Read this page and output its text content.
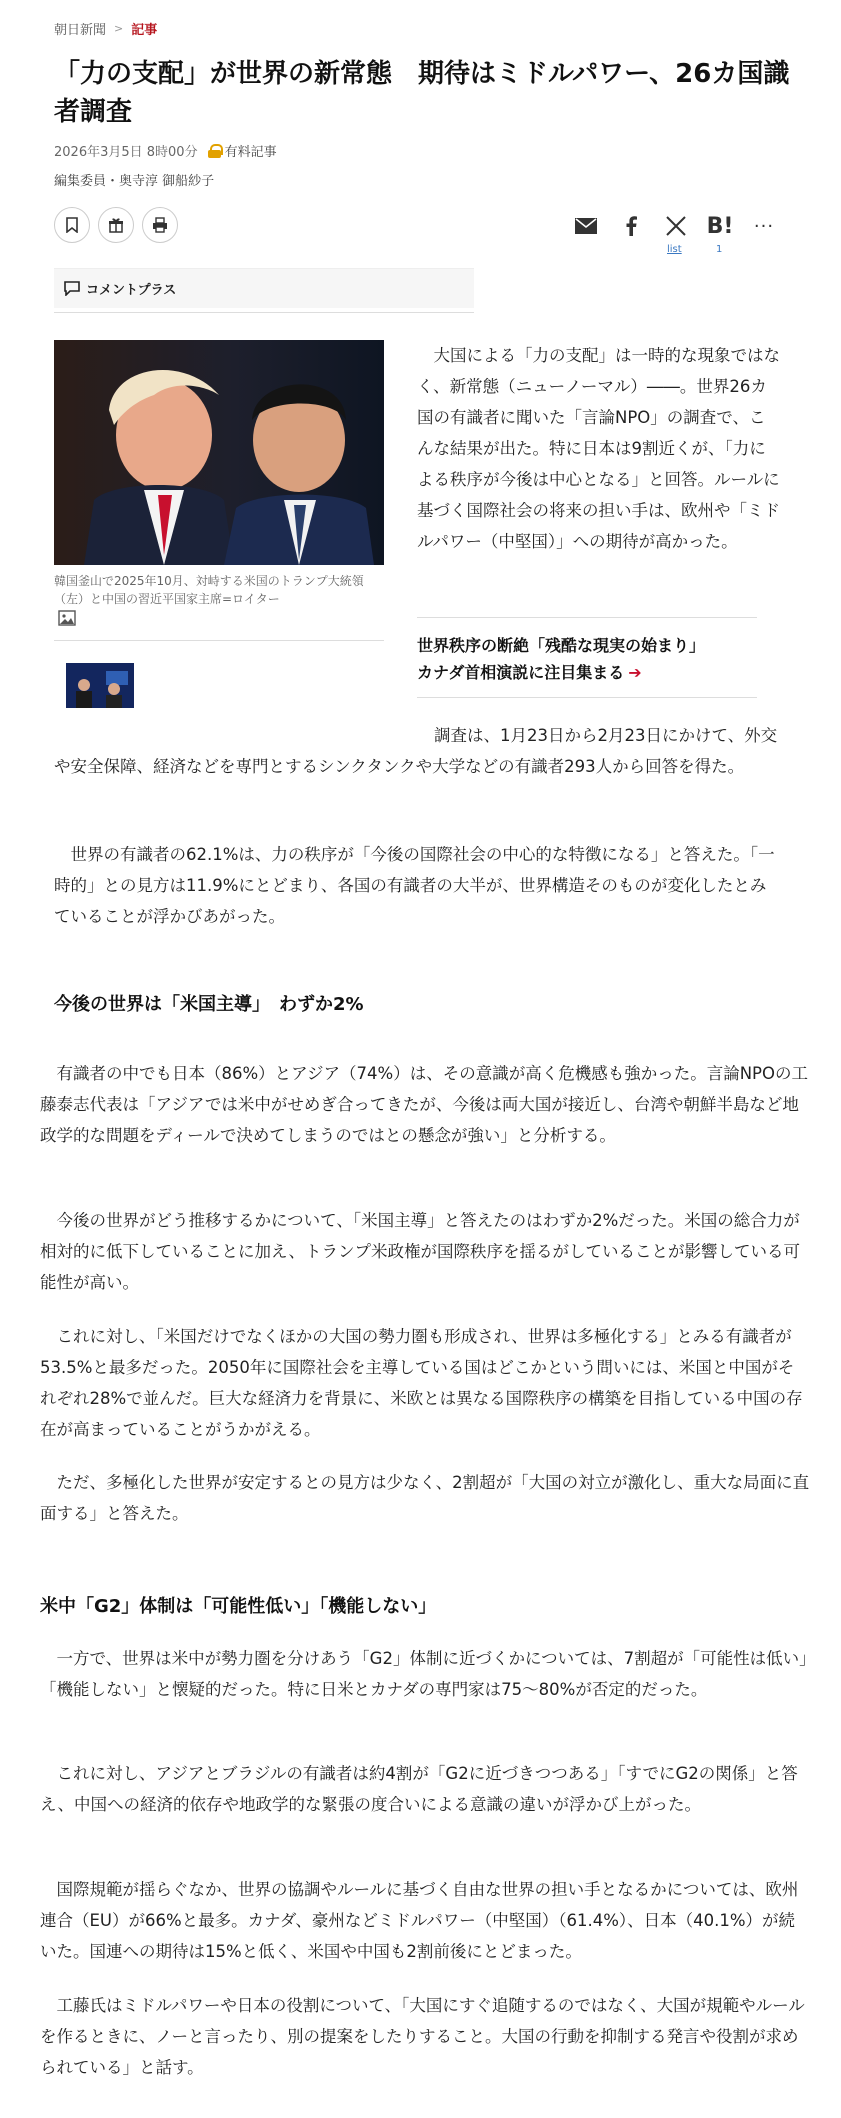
朝日新聞 > 記事
「力の支配」が世界の新常態　期待はミドルパワー、26カ国識者調査
2026年3月5日 8時00分 有料記事
編集委員・奥寺淳 御船紗子
B! ···
list	1
コメントプラス
韓国釜山で2025年10月、対峙する米国のトランプ大統領（左）と中国の習近平国家主席=ロイター

大国による「力の支配」は一時的な現象ではなく、新常態（ニューノーマル）――。世界26カ国の有識者に聞いた「言論NPO」の調査で、こんな結果が出た。特に日本は9割近くが、「力による秩序が今後は中心となる」と回答。ルールに基づく国際社会の将来の担い手は、欧州や「ミドルパワー（中堅国）」への期待が高かった。

世界秩序の断絶「残酷な現実の始まり」
カナダ首相演説に注目集まる ➔

調査は、1月23日から2月23日にかけて、外交や安全保障、経済などを専門とするシンクタンクや大学などの有識者293人から回答を得た。

世界の有識者の62.1%は、力の秩序が「今後の国際社会の中心的な特徴になる」と答えた。「一時的」との見方は11.9%にとどまり、各国の有識者の大半が、世界構造そのものが変化したとみていることが浮かびあがった。

今後の世界は「米国主導」　わずか2%

有識者の中でも日本（86%）とアジア（74%）は、その意識が高く危機感も強かった。言論NPOの工藤泰志代表は「アジアでは米中がせめぎ合ってきたが、今後は両大国が接近し、台湾や朝鮮半島など地政学的な問題をディールで決めてしまうのではとの懸念が強い」と分析する。

今後の世界がどう推移するかについて、「米国主導」と答えたのはわずか2%だった。米国の総合力が相対的に低下していることに加え、トランプ米政権が国際秩序を揺るがしていることが影響している可能性が高い。

これに対し、「米国だけでなくほかの大国の勢力圏も形成され、世界は多極化する」とみる有識者が53.5%と最多だった。2050年に国際社会を主導している国はどこかという問いには、米国と中国がそれぞれ28%で並んだ。巨大な経済力を背景に、米欧とは異なる国際秩序の構築を目指している中国の存在が高まっていることがうかがえる。

ただ、多極化した世界が安定するとの見方は少なく、2割超が「大国の対立が激化し、重大な局面に直面する」と答えた。

米中「G2」体制は「可能性低い」「機能しない」

一方で、世界は米中が勢力圏を分けあう「G2」体制に近づくかについては、7割超が「可能性は低い」「機能しない」と懐疑的だった。特に日米とカナダの専門家は75～80%が否定的だった。

これに対し、アジアとブラジルの有識者は約4割が「G2に近づきつつある」「すでにG2の関係」と答え、中国への経済的依存や地政学的な緊張の度合いによる意識の違いが浮かび上がった。

国際規範が揺らぐなか、世界の協調やルールに基づく自由な世界の担い手となるかについては、欧州連合（EU）が66%と最多。カナダ、豪州などミドルパワー（中堅国）（61.4%）、日本（40.1%）が続いた。国連への期待は15%と低く、米国や中国も2割前後にとどまった。

工藤氏はミドルパワーや日本の役割について、「大国にすぐ追随するのではなく、大国が規範やルールを作るときに、ノーと言ったり、別の提案をしたりすること。大国の行動を抑制する発言や役割が求められている」と話す。
